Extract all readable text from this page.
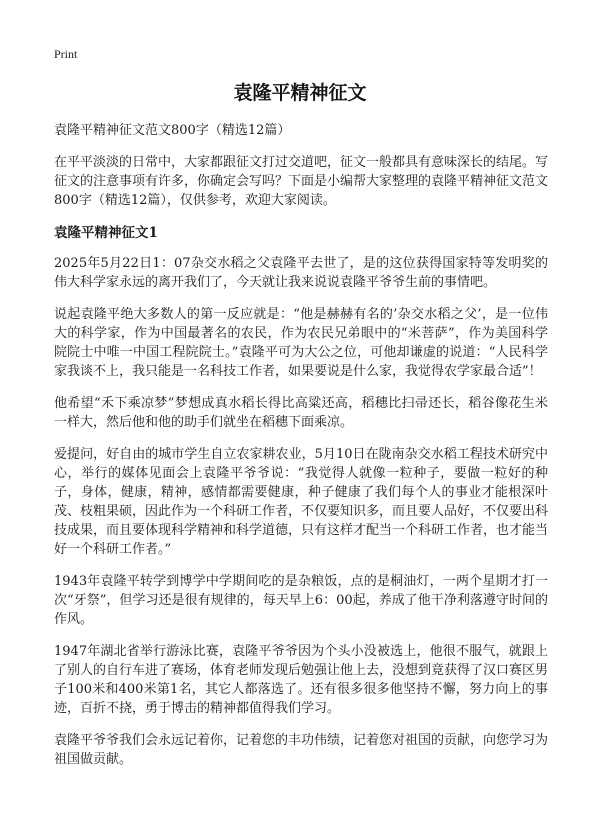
Print
袁隆平精神征文

袁隆平精神征文范文800字（精选12篇）

在平平淡淡的日常中，大家都跟征文打过交道吧，征文一般都具有意味深长的结尾。写征文的注意事项有许多，你确定会写吗？下面是小编帮大家整理的袁隆平精神征文范文800字（精选12篇），仅供参考，欢迎大家阅读。

袁隆平精神征文1

2025年5月22日1：07杂交水稻之父袁隆平去世了，是的这位获得国家特等发明奖的伟大科学家永远的离开我们了，今天就让我来说说袁隆平爷爷生前的事情吧。

说起袁隆平绝大多数人的第一反应就是：“他是赫赫有名的’杂交水稻之父’，是一位伟大的科学家，作为中国最著名的农民，作为农民兄弟眼中的“米菩萨”，作为美国科学院院士中唯一中国工程院院士。”袁隆平可为大公之位，可他却谦虚的说道：“人民科学家我谈不上，我只能是一名科技工作者，如果要说是什么家，我觉得农学家最合适”！

他希望“禾下乘凉梦”梦想成真水稻长得比高粱还高，稻穗比扫帚还长，稻谷像花生米一样大，然后他和他的助手们就坐在稻穗下面乘凉。

爱提问，好自由的城市学生自立农家耕农业，5月10日在陇南杂交水稻工程技术研究中心，举行的媒体见面会上袁隆平爷爷说：“我觉得人就像一粒种子，要做一粒好的种子，身体，健康，精神，感情都需要健康，种子健康了我们每个人的事业才能根深叶茂、枝粗果硕，因此作为一个科研工作者，不仅要知识多，而且要人品好，不仅要出科技成果，而且要体现科学精神和科学道德，只有这样才配当一个科研工作者，也才能当好一个科研工作者。”

1943年袁隆平转学到博学中学期间吃的是杂粮饭，点的是桐油灯，一两个星期才打一次“牙祭”，但学习还是很有规律的，每天早上6：00起，养成了他干净利落遵守时间的作风。

1947年湖北省举行游泳比赛，袁隆平爷爷因为个头小没被选上，他很不服气，就跟上了别人的自行车进了赛场，体育老师发现后勉强让他上去，没想到竟获得了汉口赛区男子100米和400米第1名，其它人都落选了。还有很多很多他坚持不懈，努力向上的事迹，百折不挠，勇于博击的精神都值得我们学习。

袁隆平爷爷我们会永远记着你，记着您的丰功伟绩，记着您对祖国的贡献，向您学习为祖国做贡献。
